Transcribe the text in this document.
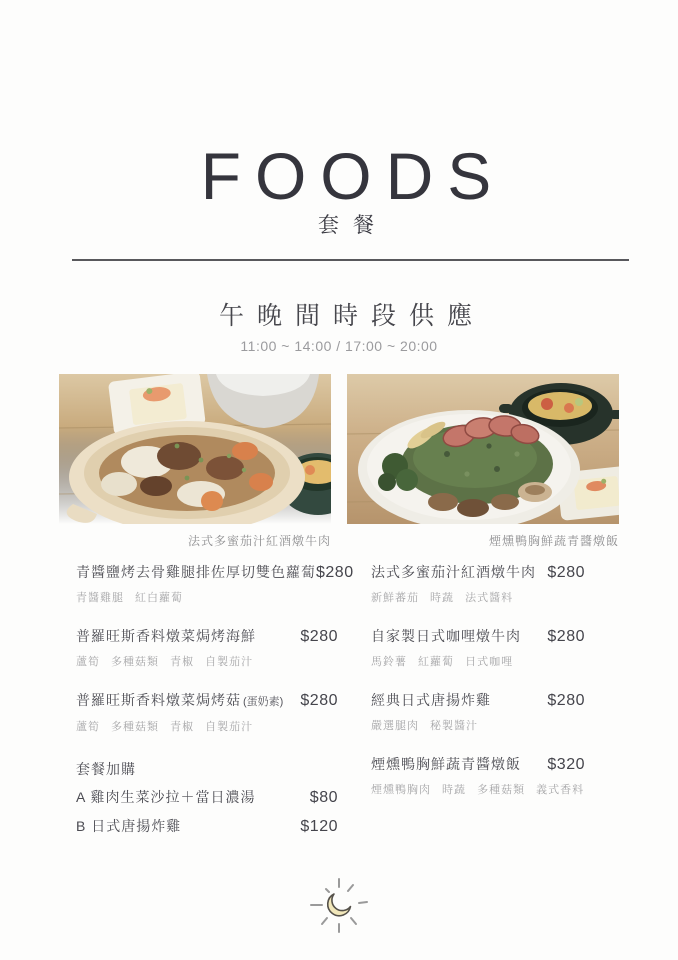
FOODS
套餐
午晚間時段供應
11:00 ~ 14:00 / 17:00 ~ 20:00
法式多蜜茄汁紅酒燉牛肉	煙燻鴨胸鮮蔬青醬燉飯
青醬鹽烤去骨雞腿排佐厚切雙色蘿蔔 $280
青醬雞腿 紅白蘿蔔
普羅旺斯香料燉菜焗烤海鮮	$280
蘆筍 多種菇類 青椒 自製茄汁
普羅旺斯香料燉菜焗烤菇 (蛋奶素) $280
蘆筍 多種菇類 青椒 自製茄汁
套餐加購
A 雞肉生菜沙拉＋當日濃湯	$80
B 日式唐揚炸雞	$120
法式多蜜茄汁紅酒燉牛肉 $280
新鮮蕃茄 時蔬 法式醬料
自家製日式咖哩燉牛肉 $280
馬鈴薯 紅蘿蔔 日式咖哩
經典日式唐揚炸雞	$280
嚴選腿肉 秘製醬汁
煙燻鴨胸鮮蔬青醬燉飯 $320
煙燻鴨胸肉 時蔬 多種菇類 義式香料
